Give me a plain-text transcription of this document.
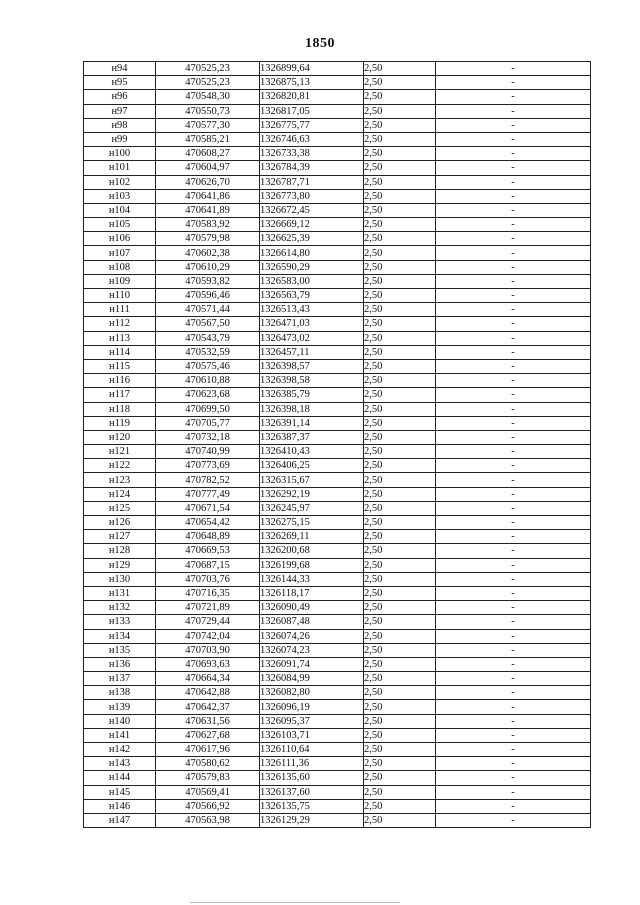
1850
н94	470525,23	1326899,64	2,50	-
н95	470525,23	1326875,13	2,50	-
н96	470548,30	1326820,81	2,50	-
н97	470550,73	1326817,05	2,50	-
н98	470577,30	1326775,77	2,50	-
н99	470585,21	1326746,63	2,50	-
н100	470608,27	1326733,38	2,50	-
н101	470604,97	1326784,39	2,50	-
н102	470626,70	1326787,71	2,50	-
н103	470641,86	1326773,80	2,50	-
н104	470641,89	1326672,45	2,50	-
н105	470583,92	1326669,12	2,50	-
н106	470579,98	1326625,39	2,50	-
н107	470602,38	1326614,80	2,50	-
н108	470610,29	1326590,29	2,50	-
н109	470593,82	1326583,00	2,50	-
н110	470596,46	1326563,79	2,50	-
н111	470571,44	1326513,43	2,50	-
н112	470567,50	1326471,03	2,50	-
н113	470543,79	1326473,02	2,50	-
н114	470532,59	1326457,11	2,50	-
н115	470575,46	1326398,57	2,50	-
н116	470610,88	1326398,58	2,50	-
н117	470623,68	1326385,79	2,50	-
н118	470699,50	1326398,18	2,50	-
н119	470705,77	1326391,14	2,50	-
н120	470732,18	1326387,37	2,50	-
н121	470740,99	1326410,43	2,50	-
н122	470773,69	1326406,25	2,50	-
н123	470782,52	1326315,67	2,50	-
н124	470777,49	1326292,19	2,50	-
н125	470671,54	1326245,97	2,50	-
н126	470654,42	1326275,15	2,50	-
н127	470648,89	1326269,11	2,50	-
н128	470669,53	1326200,68	2,50	-
н129	470687,15	1326199,68	2,50	-
н130	470703,76	1326144,33	2,50	-
н131	470716,35	1326118,17	2,50	-
н132	470721,89	1326090,49	2,50	-
н133	470729,44	1326087,48	2,50	-
н134	470742,04	1326074,26	2,50	-
н135	470703,90	1326074,23	2,50	-
н136	470693,63	1326091,74	2,50	-
н137	470664,34	1326084,99	2,50	-
н138	470642,88	1326082,80	2,50	-
н139	470642,37	1326096,19	2,50	-
н140	470631,56	1326095,37	2,50	-
н141	470627,68	1326103,71	2,50	-
н142	470617,96	1326110,64	2,50	-
н143	470580,62	1326111,36	2,50	-
н144	470579,83	1326135,60	2,50	-
н145	470569,41	1326137,60	2,50	-
н146	470566,92	1326135,75	2,50	-
н147	470563,98	1326129,29	2,50	-
